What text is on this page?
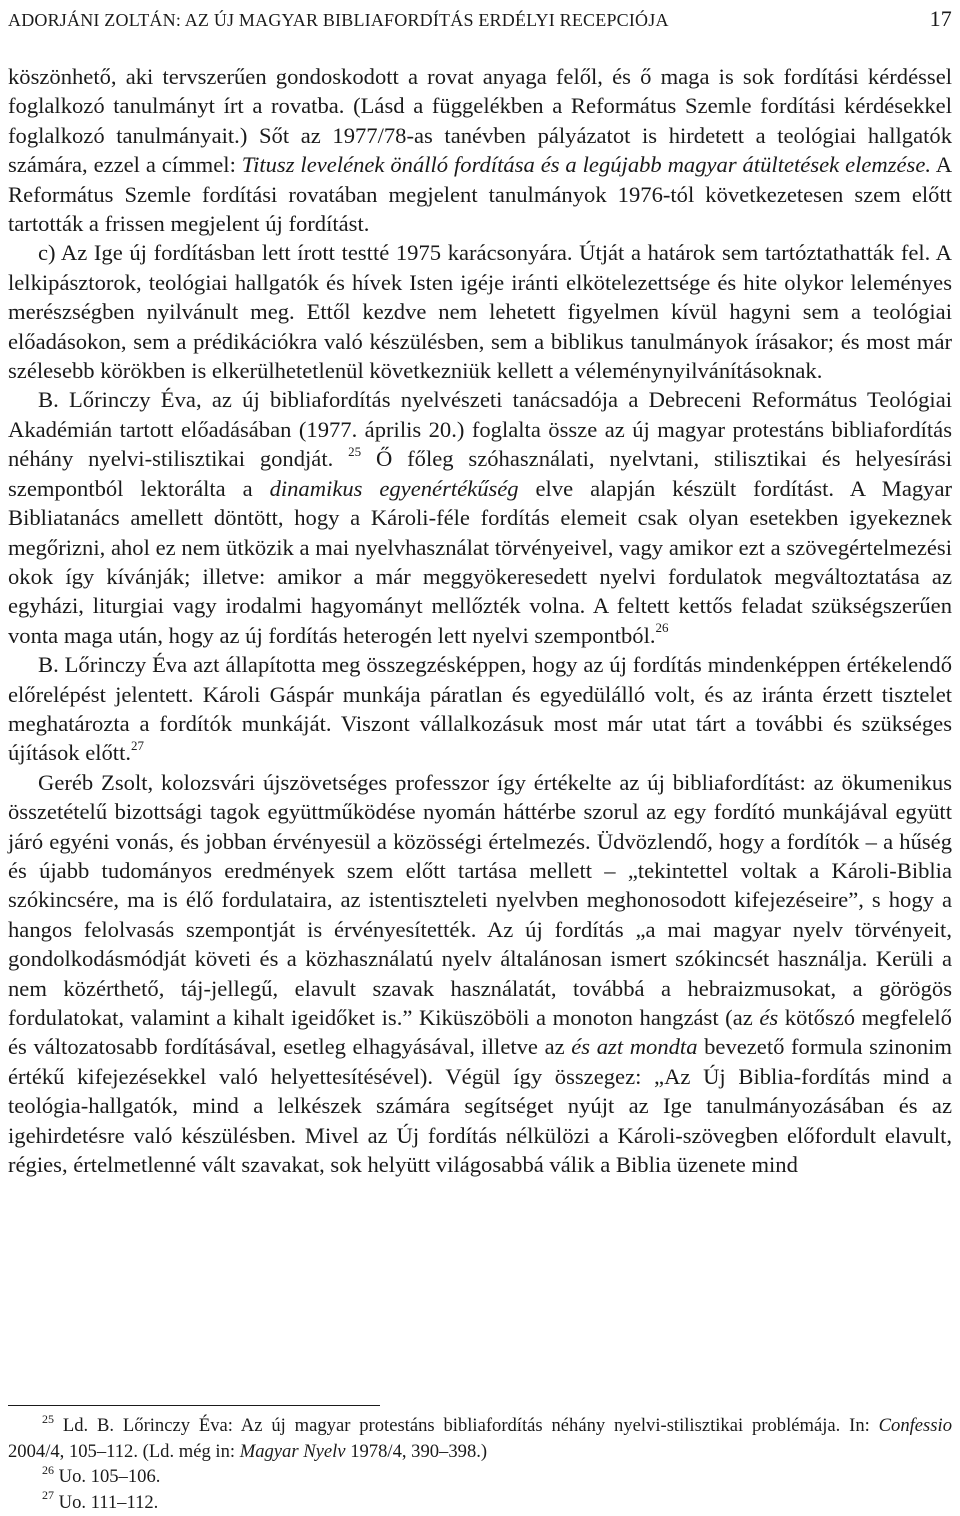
ADORJÁNI ZOLTÁN: AZ ÚJ MAGYAR BIBLIAFORDÍTÁS ERDÉLYI RECEPCIÓJA	17

köszönhető, aki tervszerűen gondoskodott a rovat anyaga felől, és ő maga is sok fordítási kérdéssel foglalkozó tanulmányt írt a rovatba. (Lásd a függelékben a Református Szemle fordítási kérdésekkel foglalkozó tanulmányait.) Sőt az 1977/78-as tanévben pályázatot is hirdetett a teológiai hallgatók számára, ezzel a címmel: Titusz levelének önálló fordítása és a legújabb magyar átültetések elemzése. A Református Szemle fordítási rovatában megjelent tanulmányok 1976-tól következetesen szem előtt tartották a frissen megjelent új fordítást.

c) Az Ige új fordításban lett írott testté 1975 karácsonyára. Útját a határok sem tartóztathatták fel. A lelkipásztorok, teológiai hallgatók és hívek Isten igéje iránti elkötelezettsége és hite olykor leleményes merészségben nyilvánult meg. Ettől kezdve nem lehetett figyelmen kívül hagyni sem a teológiai előadásokon, sem a prédikációkra való készülésben, sem a biblikus tanulmányok írásakor; és most már szélesebb körökben is elkerülhetetlenül következniük kellett a véleménynyilvánításoknak.

B. Lőrinczy Éva, az új bibliafordítás nyelvészeti tanácsadója a Debreceni Református Teológiai Akadémián tartott előadásában (1977. április 20.) foglalta össze az új magyar protestáns bibliafordítás néhány nyelvi-stilisztikai gondját. $^{25}$ Ő főleg szóhasználati, nyelvtani, stilisztikai és helyesírási szempontból lektorálta a dinamikus egyenértékűség elve alapján készült fordítást. A Magyar Bibliatanács amellett döntött, hogy a Károli-féle fordítás elemeit csak olyan esetekben igyekeznek megőrizni, ahol ez nem ütközik a mai nyelvhasználat törvényeivel, vagy amikor ezt a szövegértelmezési okok így kívánják; illetve: amikor a már meggyökeresedett nyelvi fordulatok megváltoztatása az egyházi, liturgiai vagy irodalmi hagyományt mellőzték volna. A feltett kettős feladat szükségszerűen vonta maga után, hogy az új fordítás heterogén lett nyelvi szempontból.$^{26}$

B. Lőrinczy Éva azt állapította meg összegzésképpen, hogy az új fordítás mindenképpen értékelendő előrelépést jelentett. Károli Gáspár munkája páratlan és egyedülálló volt, és az iránta érzett tisztelet meghatározta a fordítók munkáját. Viszont vállalkozásuk most már utat tárt a további és szükséges újítások előtt.$^{27}$

Geréb Zsolt, kolozsvári újszövetséges professzor így értékelte az új bibliafordítást: az ökumenikus összetételű bizottsági tagok együttműködése nyomán háttérbe szorul az egy fordító munkájával együtt járó egyéni vonás, és jobban érvényesül a közösségi értelmezés. Üdvözlendő, hogy a fordítók – a hűség és újabb tudományos eredmények szem előtt tartása mellett – „tekintettel voltak a Károli-Biblia szókincsére, ma is élő fordulataira, az istentiszteleti nyelvben meghonosodott kifejezéseire”, s hogy a hangos felolvasás szempontját is érvényesítették. Az új fordítás „a mai magyar nyelv törvényeit, gondolkodásmódját követi és a közhasználatú nyelv általánosan ismert szókincsét használja. Kerüli a nem közérthető, táj-jellegű, elavult szavak használatát, továbbá a hebraizmusokat, a görögös fordulatokat, valamint a kihalt igeidőket is.” Kiküszöböli a monoton hangzást (az és kötőszó megfelelő és változatosabb fordításával, esetleg elhagyásával, illetve az és azt mondta bevezető formula szinonim értékű kifejezésekkel való helyettesítésével). Végül így összegez: „Az Új Biblia-fordítás mind a teológia-hallgatók, mind a lelkészek számára segítséget nyújt az Ige tanulmányozásában és az igehirdetésre való készülésben. Mivel az Új fordítás nélkülözi a Károli-szövegben előfordult elavult, régies, értelmetlenné vált szavakat, sok helyütt világosabbá válik a Biblia üzenete mind

$^{25}$ Ld. B. Lőrinczy Éva: Az új magyar protestáns bibliafordítás néhány nyelvi-stilisztikai problémája. In: Confessio 2004/4, 105–112. (Ld. még in: Magyar Nyelv 1978/4, 390–398.)

$^{26}$ Uo. 105–106.

$^{27}$ Uo. 111–112.
